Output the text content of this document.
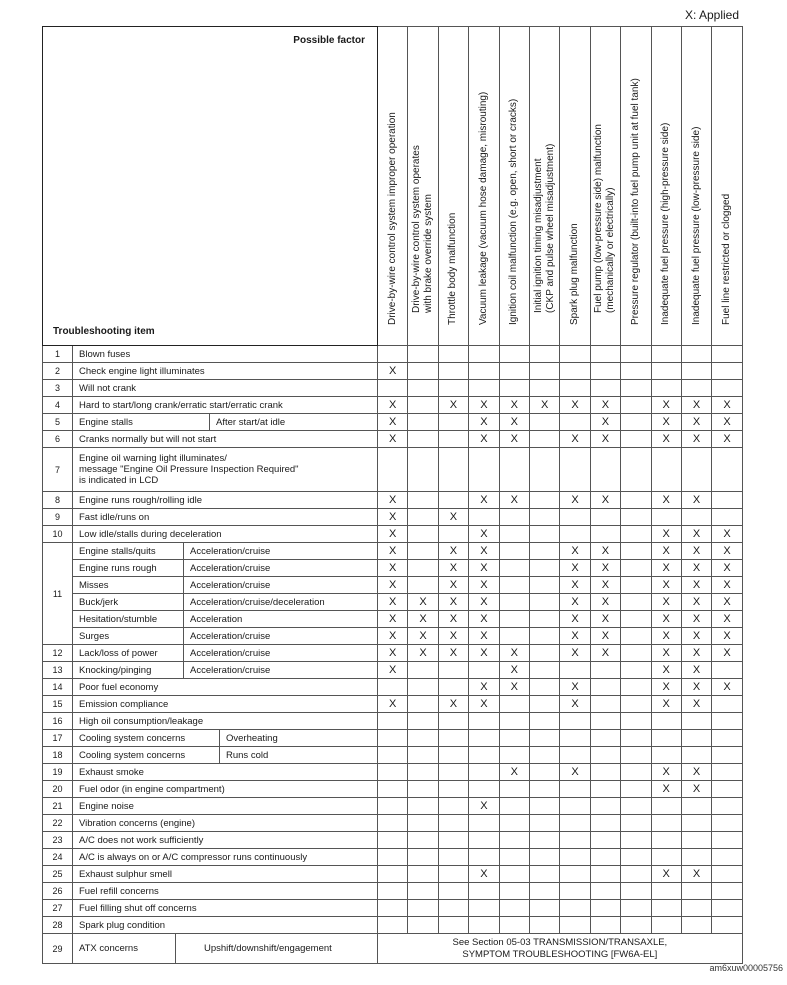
X: Applied
Possible factor
Troubleshooting item		Drive-by-wire control system improper operation	Drive-by-wire control system operates
with brake override system	Throttle body malfunction	Vacuum leakage (vacuum hose damage, misrouting)	Ignition coil malfunction (e.g. open, short or cracks)	Initial ignition timing misadjustment
(CKP and pulse wheel misadjustment)	Spark plug malfunction	Fuel pump (low-pressure side) malfunction
(mechanically or electrically)	Pressure regulator (built-into fuel pump unit at fuel tank)	Inadequate fuel pressure (high-pressure side)	Inadequate fuel pressure (low-pressure side)	Fuel line restricted or clogged

1	Blown fuses												
2	Check engine light illuminates	X											
3	Will not crank												
4	Hard to start/long crank/erratic start/erratic crank	X		X	X	X	X	X	X		X	X	X
5	Engine stalls After start/at idle	X			X	X			X		X	X	X
6	Cranks normally but will not start	X			X	X		X	X		X	X	X
7	Engine oil warning light illuminates/
message "Engine Oil Pressure Inspection Required"
is indicated in LCD												
8	Engine runs rough/rolling idle	X			X	X		X	X		X	X	
9	Fast idle/runs on	X		X									
10	Low idle/stalls during deceleration	X			X						X	X	X
11	Engine stalls/quits Acceleration/cruise	X		X	X			X	X		X	X	X

	Engine runs rough Acceleration/cruise	X		X	X			X	X		X	X	X

	Misses Acceleration/cruise	X		X	X			X	X		X	X	X

	Buck/jerk Acceleration/cruise/deceleration	X	X	X	X			X	X		X	X	X

	Hesitation/stumble Acceleration	X	X	X	X			X	X		X	X	X

	Surges Acceleration/cruise	X	X	X	X			X	X		X	X	X
12	Lack/loss of power Acceleration/cruise	X	X	X	X	X		X	X		X	X	X
13	Knocking/pinging Acceleration/cruise	X				X					X	X	
14	Poor fuel economy				X	X		X			X	X	X
15	Emission compliance	X		X	X			X			X	X	
16	High oil consumption/leakage												
17	Cooling system concerns Overheating												

18	Cooling system concerns Runs cold												

19	Exhaust smoke					X		X			X	X	
20	Fuel odor (in engine compartment)										X	X	
21	Engine noise				X								
22	Vibration concerns (engine)												
23	A/C does not work sufficiently												
24	A/C is always on or A/C compressor runs continuously												
25	Exhaust sulphur smell				X						X	X	
26	Fuel refill concerns												
27	Fuel filling shut off concerns												
28	Spark plug condition												
29	ATX concerns Upshift/downshift/engagement	See Section 05-03 TRANSMISSION/TRANSAXLE,
SYMPTOM TROUBLESHOOTING [FW6A-EL]											
am6xuw00005756
